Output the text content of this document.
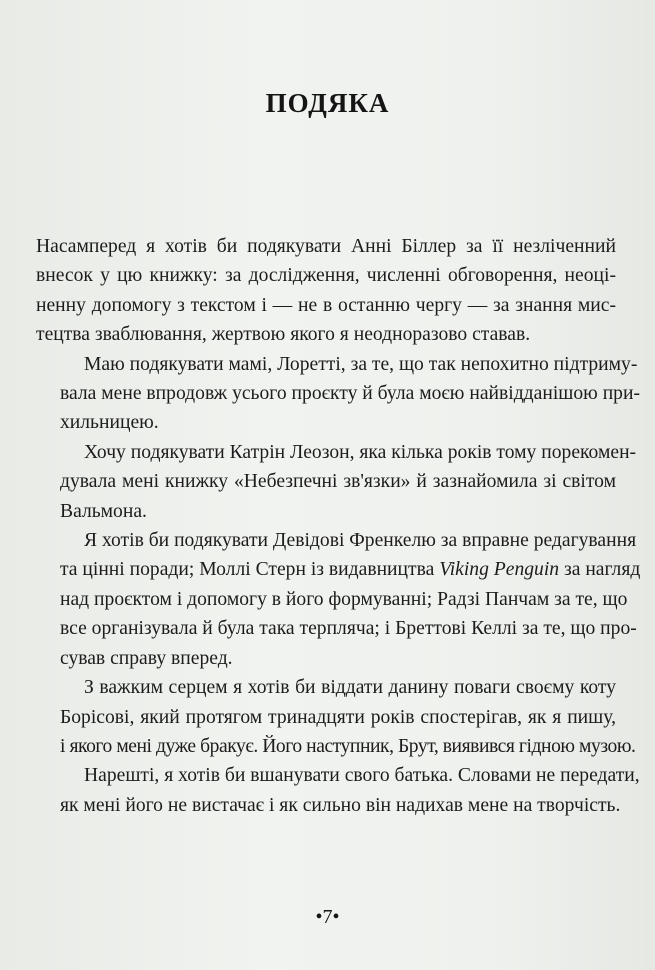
ПОДЯКА

Насамперед я хотів би подякувати Анні Біллер за її незліченний
внесок у цю книжку: за дослідження, численні обговорення, неоці-
ненну допомогу з текстом і — не в останню чергу — за знання мис-
тецтва зваблювання, жертвою якого я неодноразово ставав.

Маю подякувати мамі, Лоретті, за те, що так непохитно підтриму-
вала мене впродовж усього проєкту й була моєю найвідданішою при-
хильницею.

Хочу подякувати Катрін Леозон, яка кілька років тому порекомен-
дувала мені книжку «Небезпечні зв'язки» й зазнайомила зі світом
Вальмона.

Я хотів би подякувати Девідові Френкелю за вправне редагування
та цінні поради; Моллі Стерн із видавництва Viking Penguin за нагляд
над проєктом і допомогу в його формуванні; Радзі Панчам за те, що
все організувала й була така терпляча; і Бреттові Келлі за те, що про-
сував справу вперед.

З важким серцем я хотів би віддати данину поваги своєму коту
Борісові, який протягом тринадцяти років спостерігав, як я пишу,
і якого мені дуже бракує. Його наступник, Брут, виявився гідною музою.

Нарешті, я хотів би вшанувати свого батька. Словами не передати,
як мені його не вистачає і як сильно він надихав мене на творчість.

•7•
